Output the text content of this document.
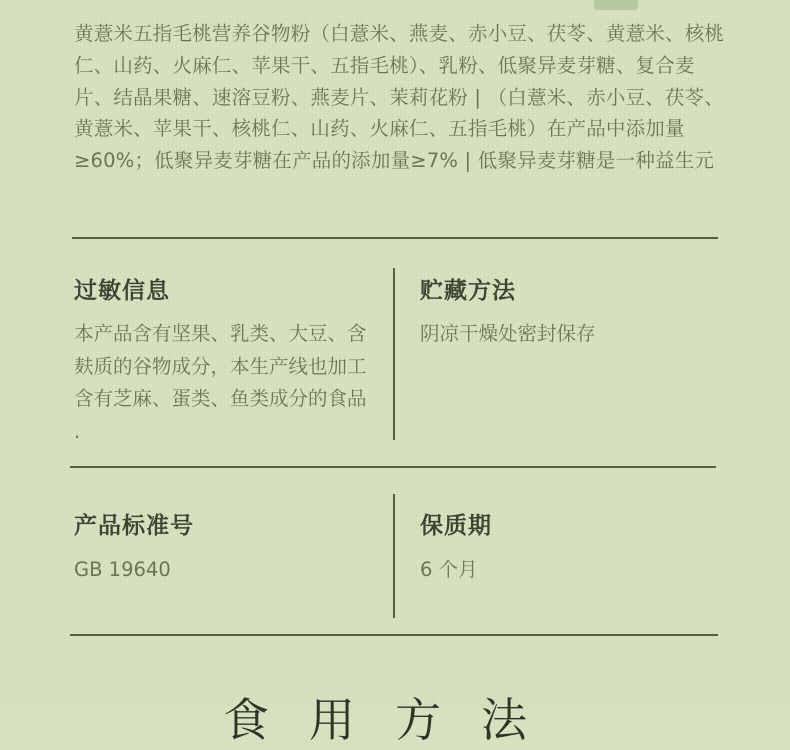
黄薏米五指毛桃营养谷物粉（白薏米、燕麦、赤小豆、茯苓、黄薏米、核桃仁、山药、火麻仁、苹果干、五指毛桃）、乳粉、低聚异麦芽糖、复合麦片、结晶果糖、速溶豆粉、燕麦片、茉莉花粉 | （白薏米、赤小豆、茯苓、黄薏米、苹果干、核桃仁、山药、火麻仁、五指毛桃）在产品中添加量≥60%；低聚异麦芽糖在产品的添加量≥7% | 低聚异麦芽糖是一种益生元

过敏信息

本产品含有坚果、乳类、大豆、含麸质的谷物成分，本生产线也加工含有芝麻、蛋类、鱼类成分的食品 .

贮藏方法

阴凉干燥处密封保存

产品标准号

GB 19640

保质期

6 个月

食用方法
